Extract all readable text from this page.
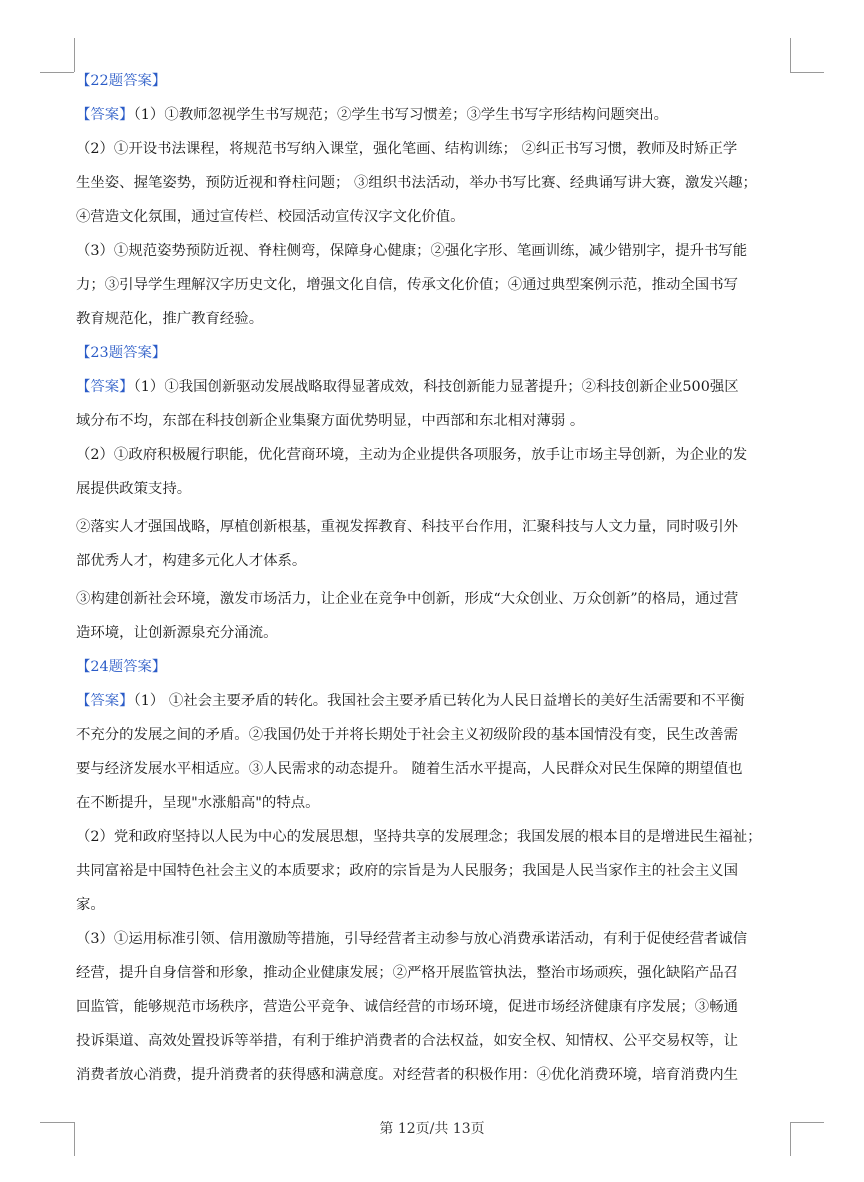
【22题答案】

【答案】（1）①教师忽视学生书写规范；②学生书写习惯差；③学生书写字形结构问题突出。

（2）①开设书法课程，将规范书写纳入课堂，强化笔画、结构训练； ②纠正书写习惯，教师及时矫正学

生坐姿、握笔姿势，预防近视和脊柱问题； ③组织书法活动，举办书写比赛、经典诵写讲大赛，激发兴趣；

④营造文化氛围，通过宣传栏、校园活动宣传汉字文化价值。

（3）①规范姿势预防近视、脊柱侧弯，保障身心健康；②强化字形、笔画训练，减少错别字，提升书写能

力；③引导学生理解汉字历史文化，增强文化自信，传承文化价值；④通过典型案例示范，推动全国书写

教育规范化，推广教育经验。

【23题答案】

【答案】（1）①我国创新驱动发展战略取得显著成效，科技创新能力显著提升；②科技创新企业500强区

域分布不均，东部在科技创新企业集聚方面优势明显，中西部和东北相对薄弱 。

（2）①政府积极履行职能，优化营商环境，主动为企业提供各项服务，放手让市场主导创新，为企业的发

展提供政策支持。

②落实人才强国战略，厚植创新根基，重视发挥教育、科技平台作用，汇聚科技与人文力量，同时吸引外

部优秀人才，构建多元化人才体系。

③构建创新社会环境，激发市场活力，让企业在竞争中创新，形成“大众创业、万众创新”的格局，通过营

造环境，让创新源泉充分涌流。

【24题答案】

【答案】（1） ①社会主要矛盾的转化。我国社会主要矛盾已转化为人民日益增长的美好生活需要和不平衡

不充分的发展之间的矛盾。②我国仍处于并将长期处于社会主义初级阶段的基本国情没有变，民生改善需

要与经济发展水平相适应。③人民需求的动态提升。 随着生活水平提高，人民群众对民生保障的期望值也

在不断提升，呈现"水涨船高"的特点。

（2）党和政府坚持以人民为中心的发展思想，坚持共享的发展理念；我国发展的根本目的是增进民生福祉；

共同富裕是中国特色社会主义的本质要求；政府的宗旨是为人民服务；我国是人民当家作主的社会主义国

家。

（3）①运用标准引领、信用激励等措施，引导经营者主动参与放心消费承诺活动，有利于促使经营者诚信

经营，提升自身信誉和形象，推动企业健康发展；②严格开展监管执法，整治市场顽疾，强化缺陷产品召

回监管，能够规范市场秩序，营造公平竞争、诚信经营的市场环境，促进市场经济健康有序发展；③畅通

投诉渠道、高效处置投诉等举措，有利于维护消费者的合法权益，如安全权、知情权、公平交易权等，让

消费者放心消费，提升消费者的获得感和满意度。对经营者的积极作用：④优化消费环境，培育消费内生

第 12页/共 13页
